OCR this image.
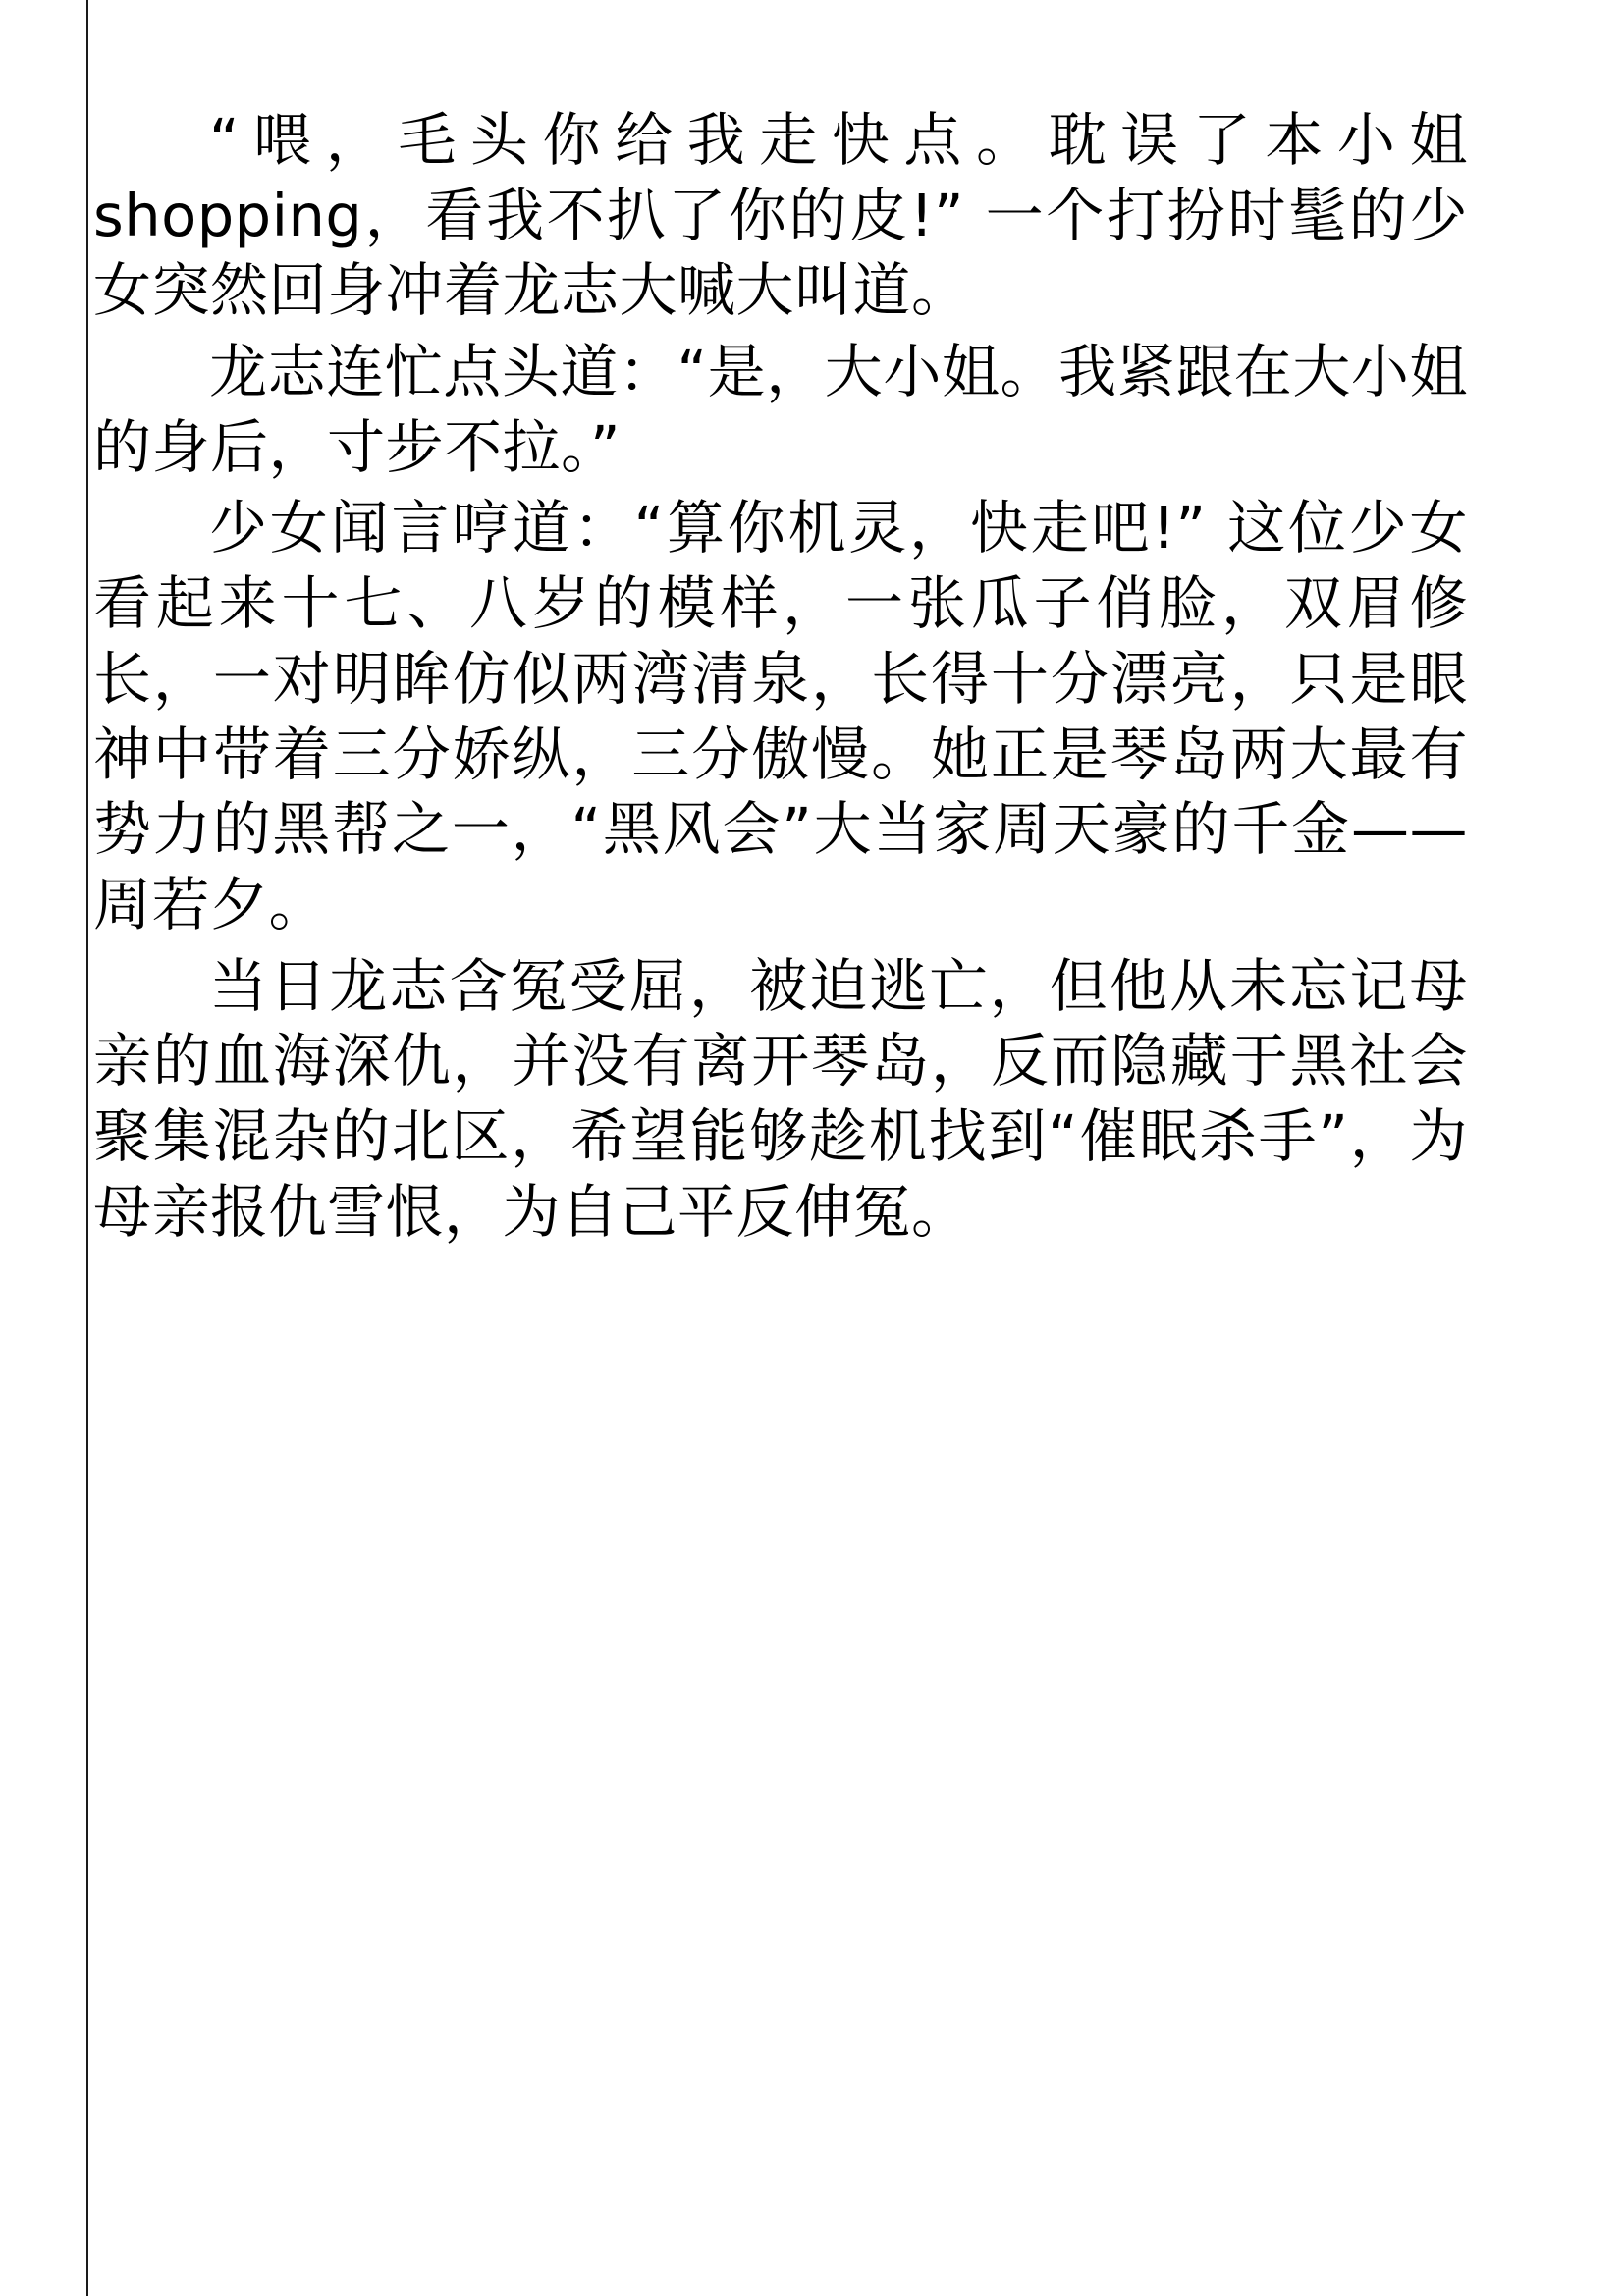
“喂，毛头你给我走快点。耽误了本小姐shopping，看我不扒了你的皮!” 一个打扮时髦的少女突然回身冲着龙志大喊大叫道。

龙志连忙点头道：“是，大小姐。我紧跟在大小姐的身后，寸步不拉。”

少女闻言哼道：“算你机灵，快走吧!” 这位少女看起来十七、八岁的模样，一张瓜子俏脸，双眉修长，一对明眸仿似两湾清泉，长得十分漂亮，只是眼神中带着三分娇纵，三分傲慢。她正是琴岛两大最有势力的黑帮之一，“黑风会”大当家周天豪的千金——周若夕。

当日龙志含冤受屈，被迫逃亡，但他从未忘记母亲的血海深仇，并没有离开琴岛，反而隐藏于黑社会聚集混杂的北区，希望能够趁机找到“催眠杀手”，为母亲报仇雪恨，为自己平反伸冤。
